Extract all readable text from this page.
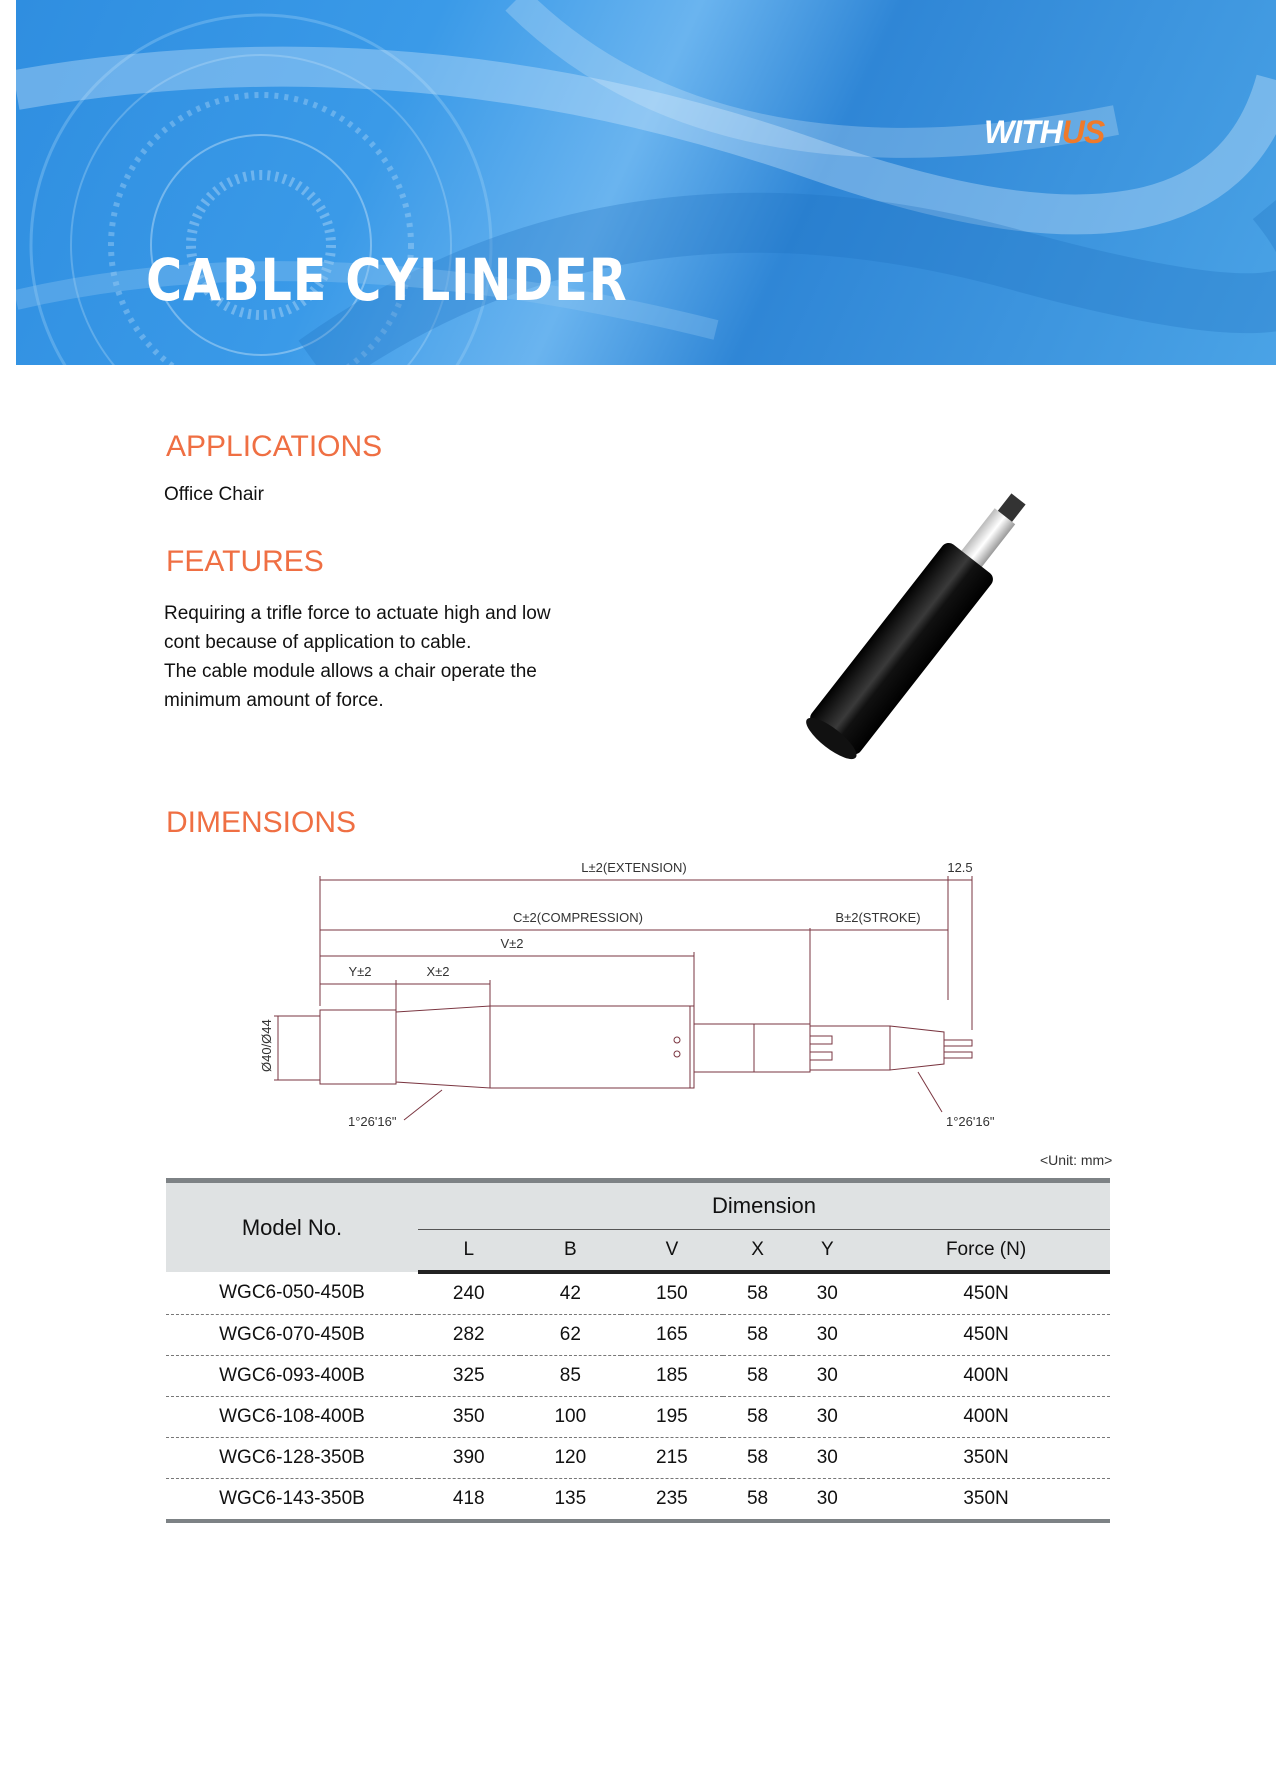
WITHUS
CABLE CYLINDER
APPLICATIONS
Office Chair
FEATURES
Requiring a trifle force to actuate high and low
cont because of application to cable.
The cable module allows a chair operate the
minimum amount of force.
DIMENSIONS
L±2(EXTENSION)	12.5
C±2(COMPRESSION)	B±2(STROKE)
V±2
Y±2	X±2
Ø40/Ø44
1°26'16"	1°26'16"
<Unit: mm>
Model No.	Dimension					
	L	B	V	X	Y	Force (N)
WGC6-050-450B	240	42	150	58	30	450N
WGC6-070-450B	282	62	165	58	30	450N
WGC6-093-400B	325	85	185	58	30	400N
WGC6-108-400B	350	100	195	58	30	400N
WGC6-128-350B	390	120	215	58	30	350N
WGC6-143-350B	418	135	235	58	30	350N
